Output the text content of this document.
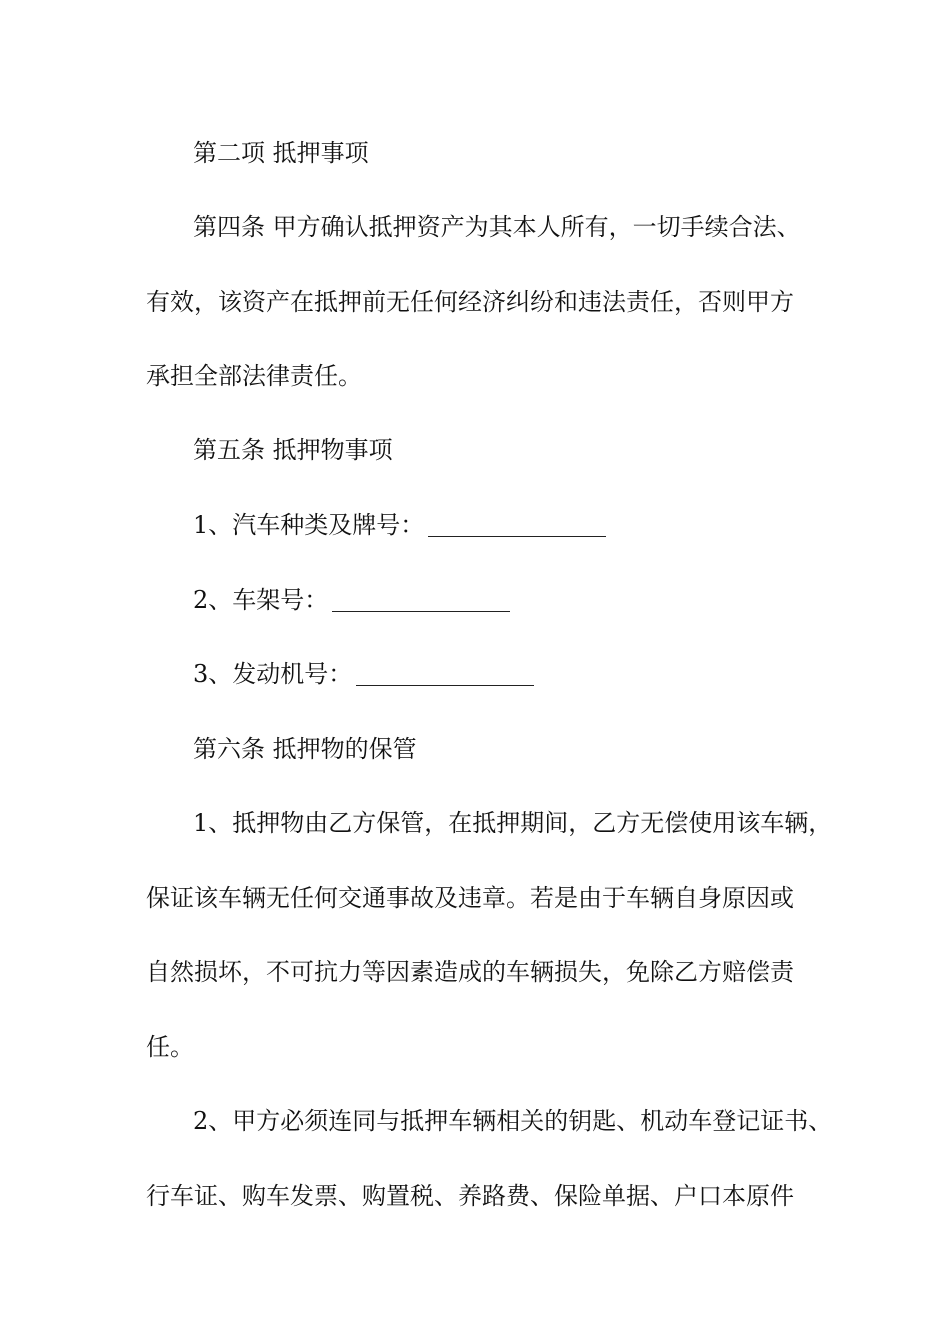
第二项 抵押事项
第四条 甲方确认抵押资产为其本人所有，一切手续合法、
有效，该资产在抵押前无任何经济纠纷和违法责任，否则甲方
承担全部法律责任。
第五条 抵押物事项
1、汽车种类及牌号：
2、车架号：
3、发动机号：
第六条 抵押物的保管
1、抵押物由乙方保管，在抵押期间，乙方无偿使用该车辆，
保证该车辆无任何交通事故及违章。若是由于车辆自身原因或
自然损坏，不可抗力等因素造成的车辆损失，免除乙方赔偿责
任。
2、甲方必须连同与抵押车辆相关的钥匙、机动车登记证书、
行车证、购车发票、购置税、养路费、保险单据、户口本原件
